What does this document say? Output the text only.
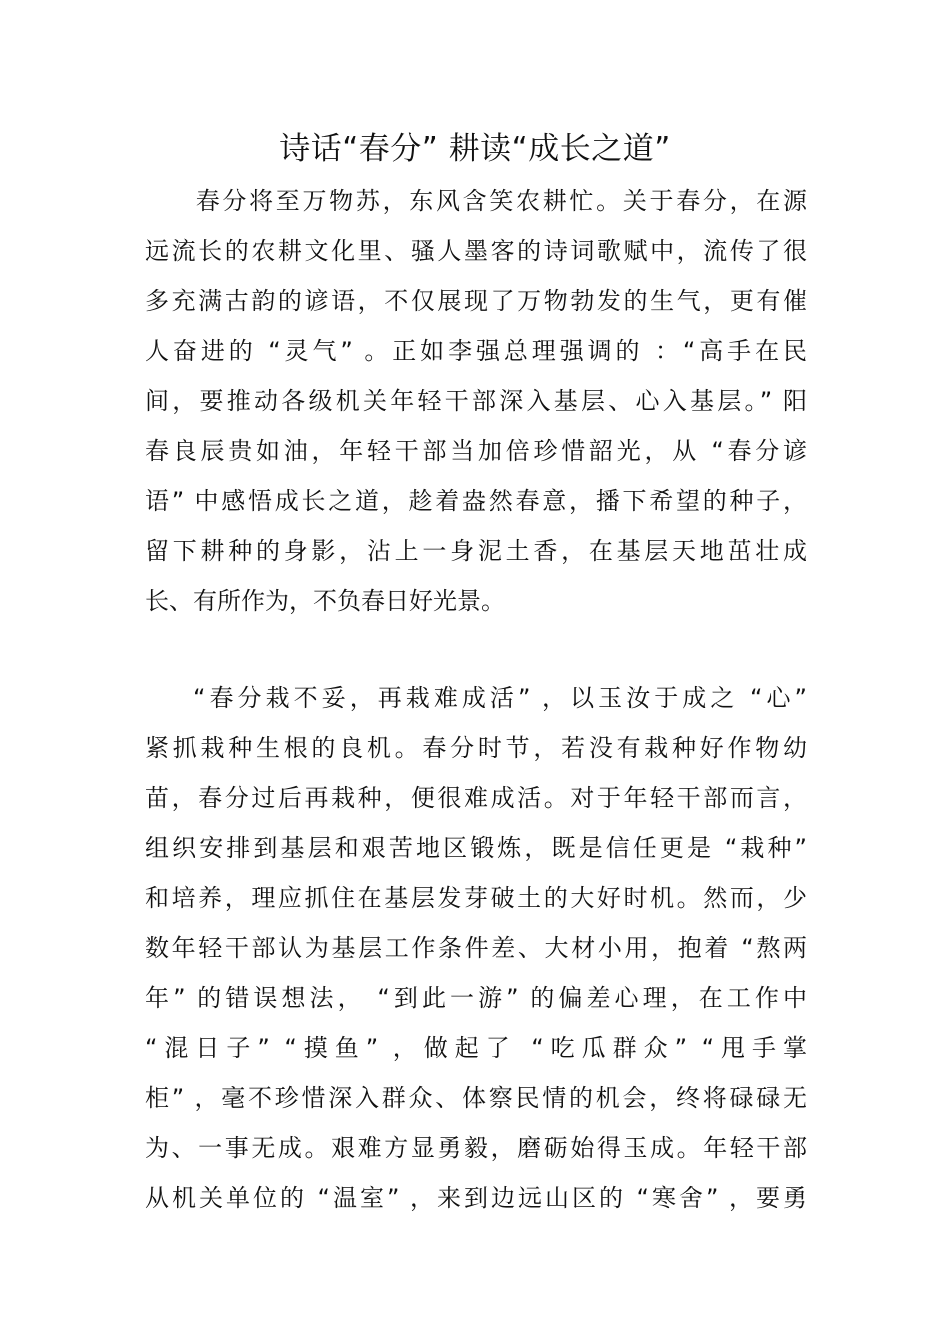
诗话“春分” 耕读“成长之道”
春分将至万物苏，东风含笑农耕忙。关于春分，在源
远流长的农耕文化里、骚人墨客的诗词歌赋中，流传了很
多充满古韵的谚语，不仅展现了万物勃发的生气，更有催
人奋进的 “灵气” 。正如李强总理强调的 ：“高手在民
间，要推动各级机关年轻干部深入基层、心入基层。” 阳
春良辰贵如油，年轻干部当加倍珍惜韶光，从 “春分谚
语” 中感悟成长之道，趁着盎然春意，播下希望的种子，
留下耕种的身影，沾上一身泥土香，在基层天地茁壮成
长、有所作为，不负春日好光景。
“春分栽不妥，再栽难成活” ，以玉汝于成之 “心”
紧抓栽种生根的良机。春分时节，若没有栽种好作物幼
苗，春分过后再栽种，便很难成活。对于年轻干部而言，
组织安排到基层和艰苦地区锻炼，既是信任更是 “栽种”
和培养，理应抓住在基层发芽破土的大好时机。然而，少
数年轻干部认为基层工作条件差、大材小用，抱着 “熬两
年” 的错误想法， “到此一游” 的偏差心理，在工作中
“混日子” “摸鱼” ，做起了 “吃瓜群众” “甩手掌
柜” ，毫不珍惜深入群众、体察民情的机会，终将碌碌无
为、一事无成。艰难方显勇毅，磨砺始得玉成。年轻干部
从机关单位的 “温室” ，来到边远山区的 “寒舍” ，要勇
